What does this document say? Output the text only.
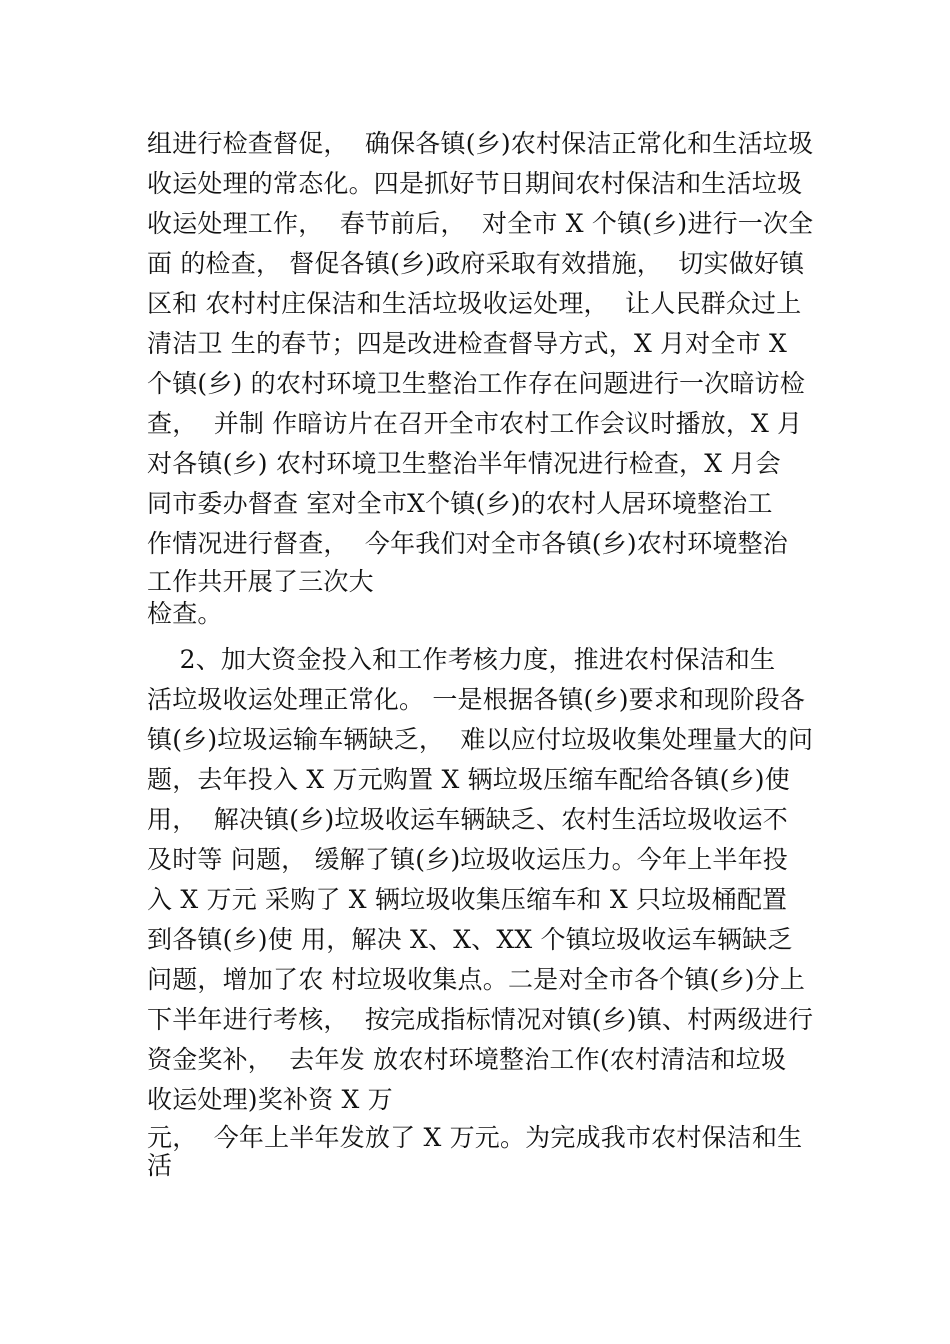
组进行检查督促，  确保各镇(乡)农村保洁正常化和生活垃圾
收运处理的常态化。四是抓好节日期间农村保洁和生活垃圾
收运处理工作，  春节前后，  对全市 X 个镇(乡)进行一次全
面 的检查， 督促各镇(乡)政府采取有效措施，  切实做好镇
区和 农村村庄保洁和生活垃圾收运处理，  让人民群众过上
清洁卫 生的春节；四是改进检查督导方式，X 月对全市 X
个镇(乡) 的农村环境卫生整治工作存在问题进行一次暗访检
查，  并制 作暗访片在召开全市农村工作会议时播放，X 月
对各镇(乡) 农村环境卫生整治半年情况进行检查，X 月会
同市委办督查 室对全市X个镇(乡)的农村人居环境整治工
作情况进行督查，  今年我们对全市各镇(乡)农村环境整治
工作共开展了三次大
检查。
2、加大资金投入和工作考核力度，推进农村保洁和生
活垃圾收运处理正常化。 一是根据各镇(乡)要求和现阶段各
镇(乡)垃圾运输车辆缺乏，  难以应付垃圾收集处理量大的问
题，去年投入 X 万元购置 X 辆垃圾压缩车配给各镇(乡)使
用，  解决镇(乡)垃圾收运车辆缺乏、农村生活垃圾收运不
及时等 问题， 缓解了镇(乡)垃圾收运压力。今年上半年投
入 X 万元 采购了 X 辆垃圾收集压缩车和 X 只垃圾桶配置
到各镇(乡)使 用，解决 X、X、XX 个镇垃圾收运车辆缺乏
问题，增加了农 村垃圾收集点。二是对全市各个镇(乡)分上
下半年进行考核，  按完成指标情况对镇(乡)镇、村两级进行
资金奖补，  去年发 放农村环境整治工作(农村清洁和垃圾
收运处理)奖补资 X 万
元，  今年上半年发放了 X 万元。为完成我市农村保洁和生
活
